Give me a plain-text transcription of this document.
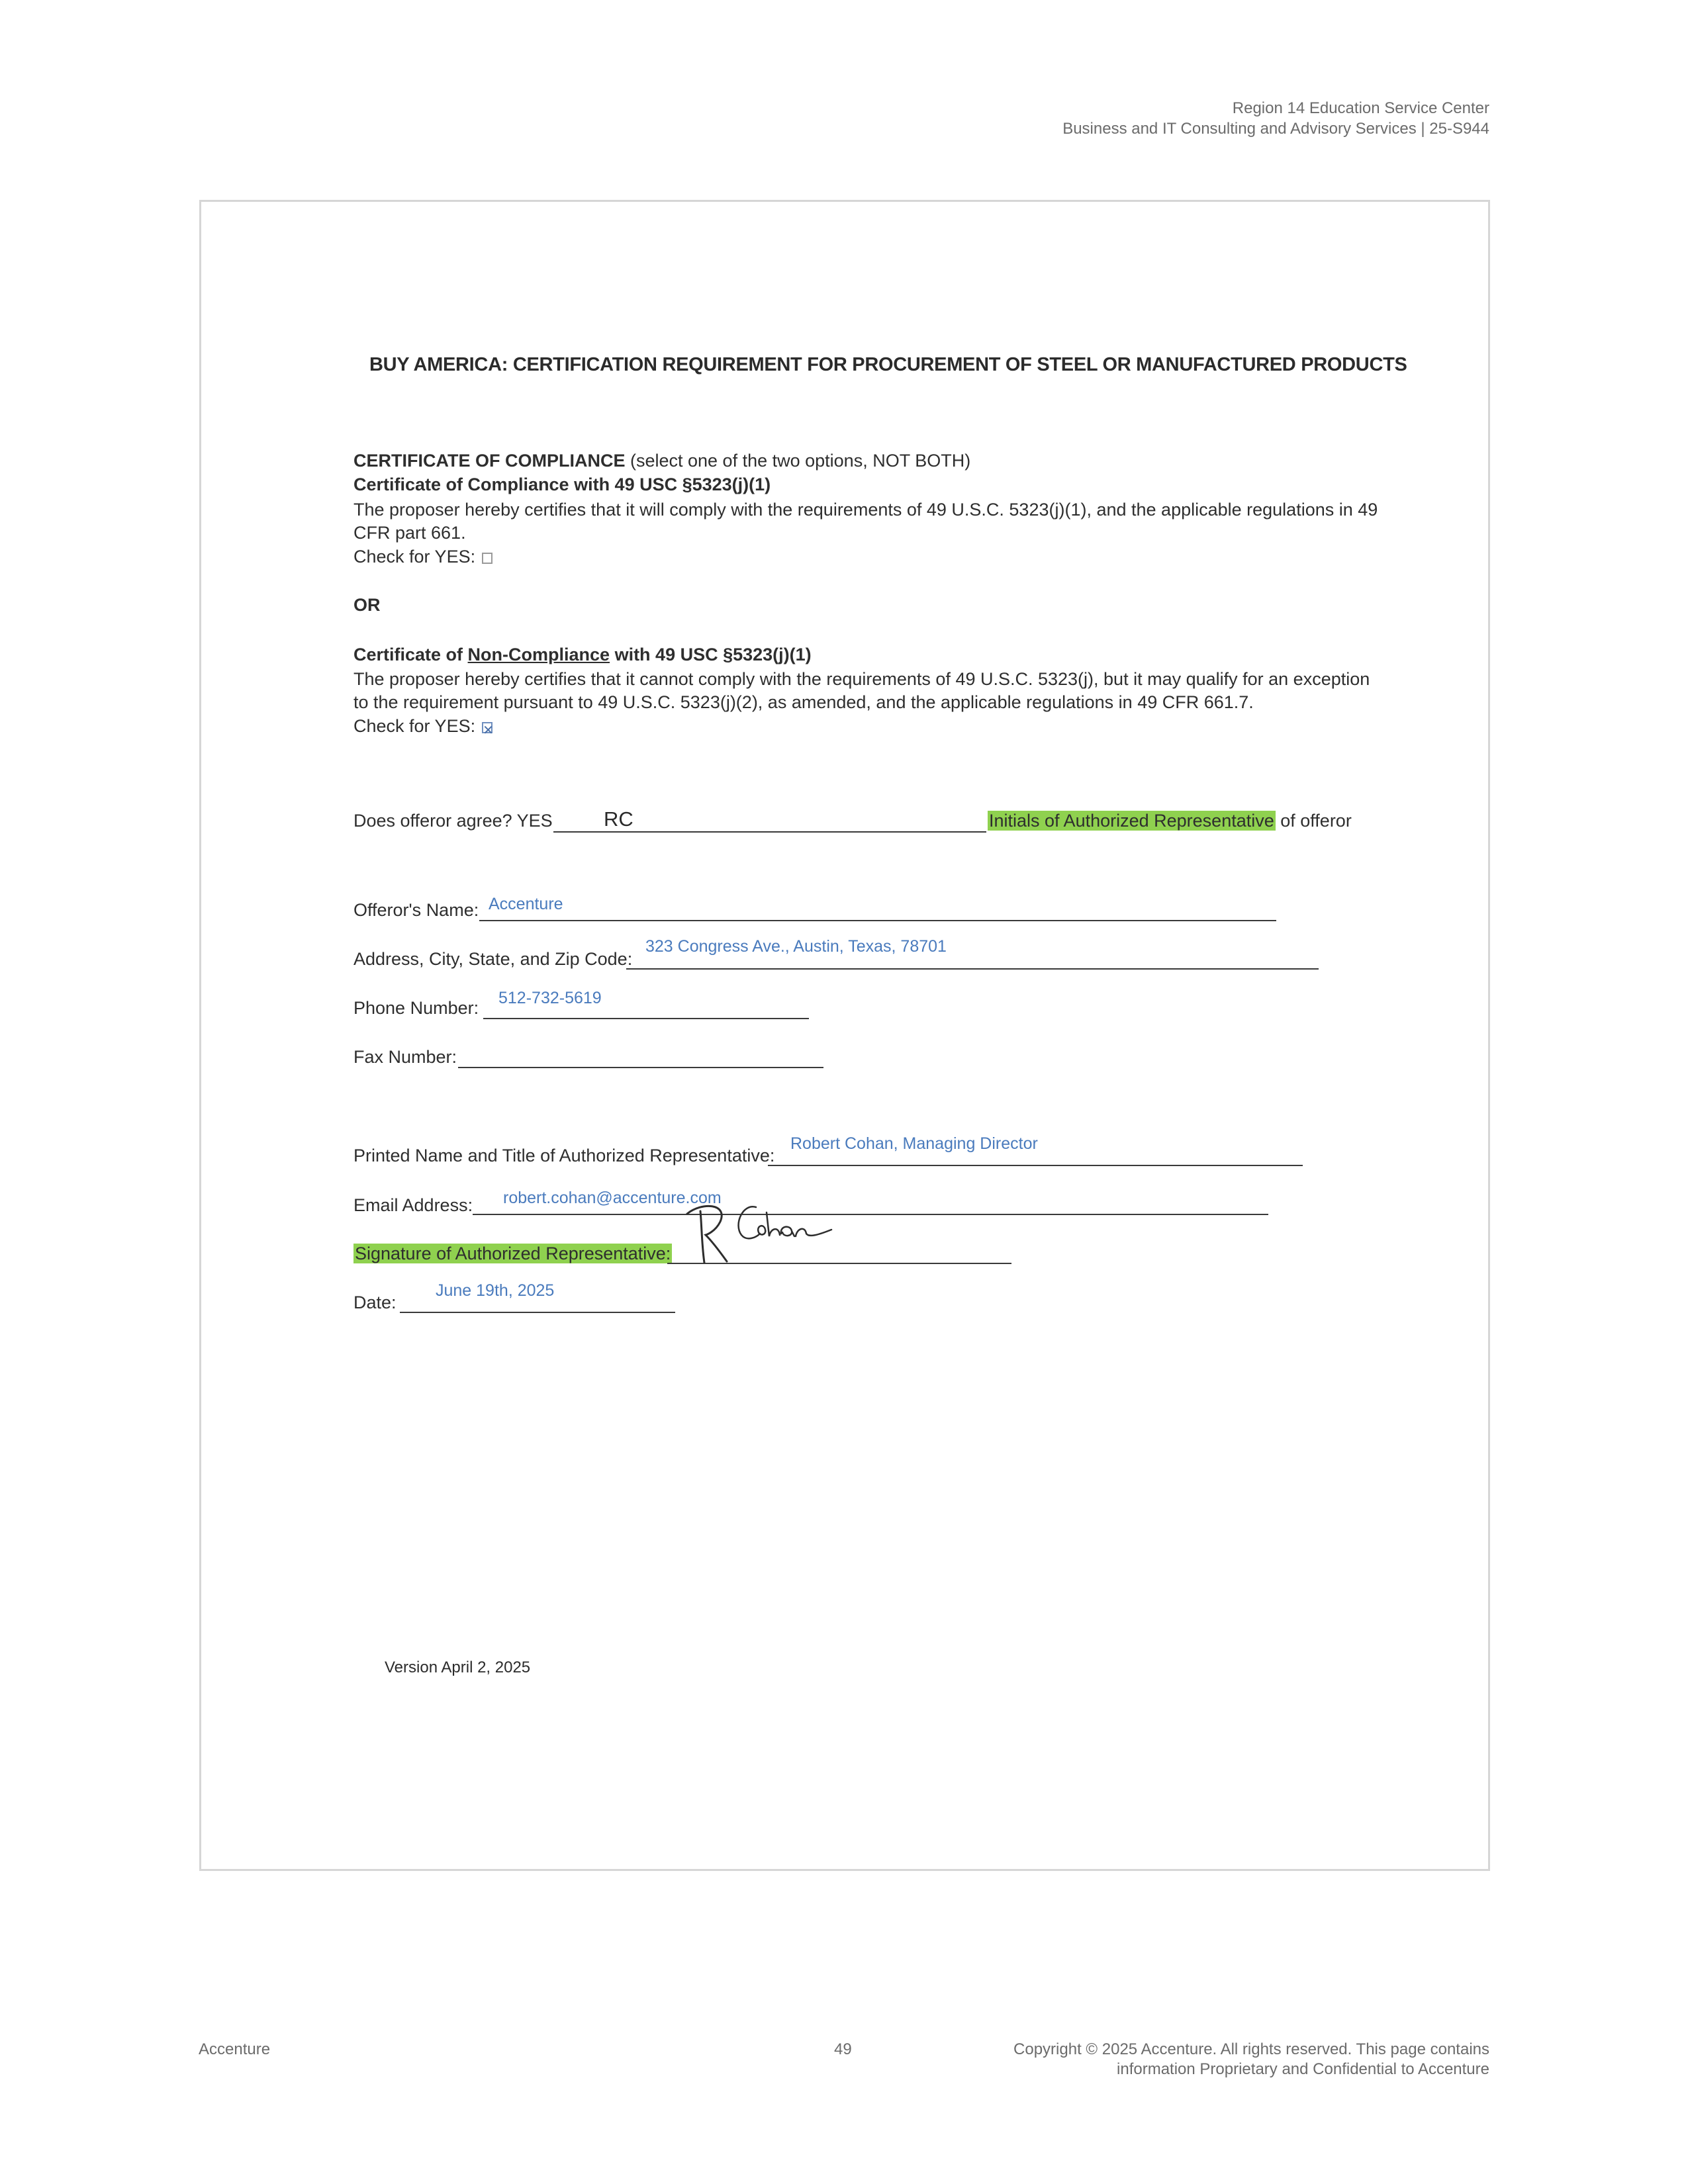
Region 14 Education Service Center
Business and IT Consulting and Advisory Services | 25-S944
BUY AMERICA: CERTIFICATION REQUIREMENT FOR PROCUREMENT OF STEEL OR MANUFACTURED PRODUCTS
CERTIFICATE OF COMPLIANCE (select one of the two options, NOT BOTH)
Certificate of Compliance with 49 USC §5323(j)(1)
The proposer hereby certifies that it will comply with the requirements of 49 U.S.C. 5323(j)(1), and the applicable regulations in 49
CFR part 661.
Check for YES:
OR
Certificate of Non-Compliance with 49 USC §5323(j)(1)
The proposer hereby certifies that it cannot comply with the requirements of 49 U.S.C. 5323(j), but it may qualify for an exception
to the requirement pursuant to 49 U.S.C. 5323(j)(2), as amended, and the applicable regulations in 49 CFR 661.7.
Check for YES:✕
Does offeror agree? YES RC	Initials of Authorized Representative of offeror
Offeror's Name: Accenture
Address, City, State, and Zip Code:
323 Congress Ave., Austin, Texas, 78701
Phone Number: 512-732-5619
Fax Number:
Printed Name and Title of Authorized Representative:
Robert Cohan, Managing Director
Email Address: robert.cohan@accenture.com
Signature of Authorized Representative:
Date:
June 19th, 2025
Version April 2, 2025
Accenture	49	Copyright © 2025 Accenture. All rights reserved. This page contains
information Proprietary and Confidential to Accenture
